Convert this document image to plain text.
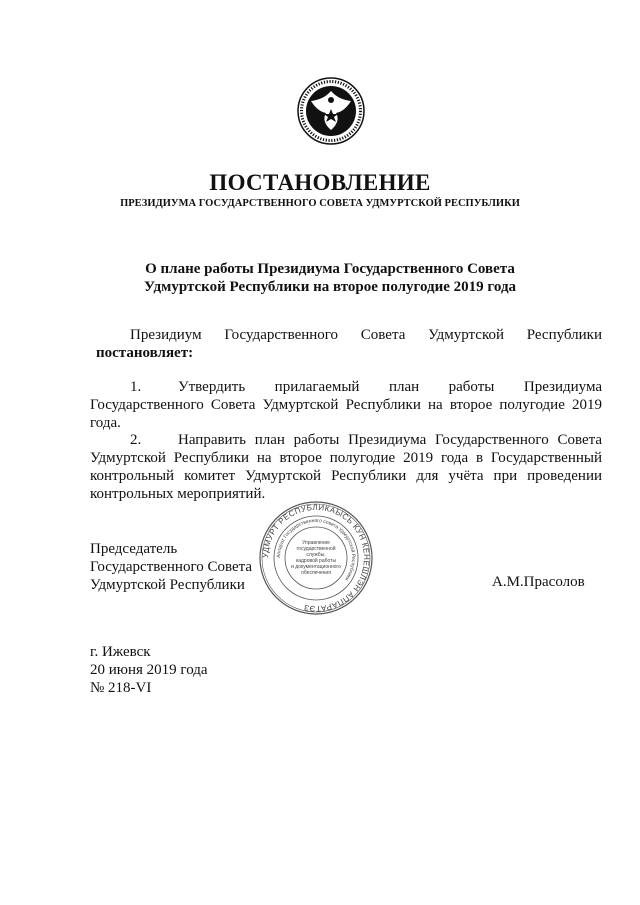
ПОСТАНОВЛЕНИЕ
ПРЕЗИДИУМА ГОСУДАРСТВЕННОГО СОВЕТА УДМУРТСКОЙ РЕСПУБЛИКИ
О плане работы Президиума Государственного Совета
Удмуртской Республики на второе полугодие 2019 года
Президиум Государственного Совета Удмуртской Республики
постановляет:
1. Утвердить прилагаемый план работы Президиума
Государственного Совета Удмуртской Республики на второе полугодие 2019
года.
2. Направить план работы Президиума Государственного Совета
Удмуртской Республики на второе полугодие 2019 года в Государственный
контрольный комитет Удмуртской Республики для учёта при проведении
контрольных мероприятий.
УДМУРТ РЕСПУБЛИКАЫСЬ КУН КЕНЕШЛЭН АППАРАТЭЗ
Аппарат Государственного совета Удмуртской Республики
Управление
государственной
службы,
кадровой работы
и документационного
обеспечения
Председатель
Государственного Совета
Удмуртской Республики	А.М.Прасолов
г. Ижевск
20 июня 2019 года
№ 218-VI
